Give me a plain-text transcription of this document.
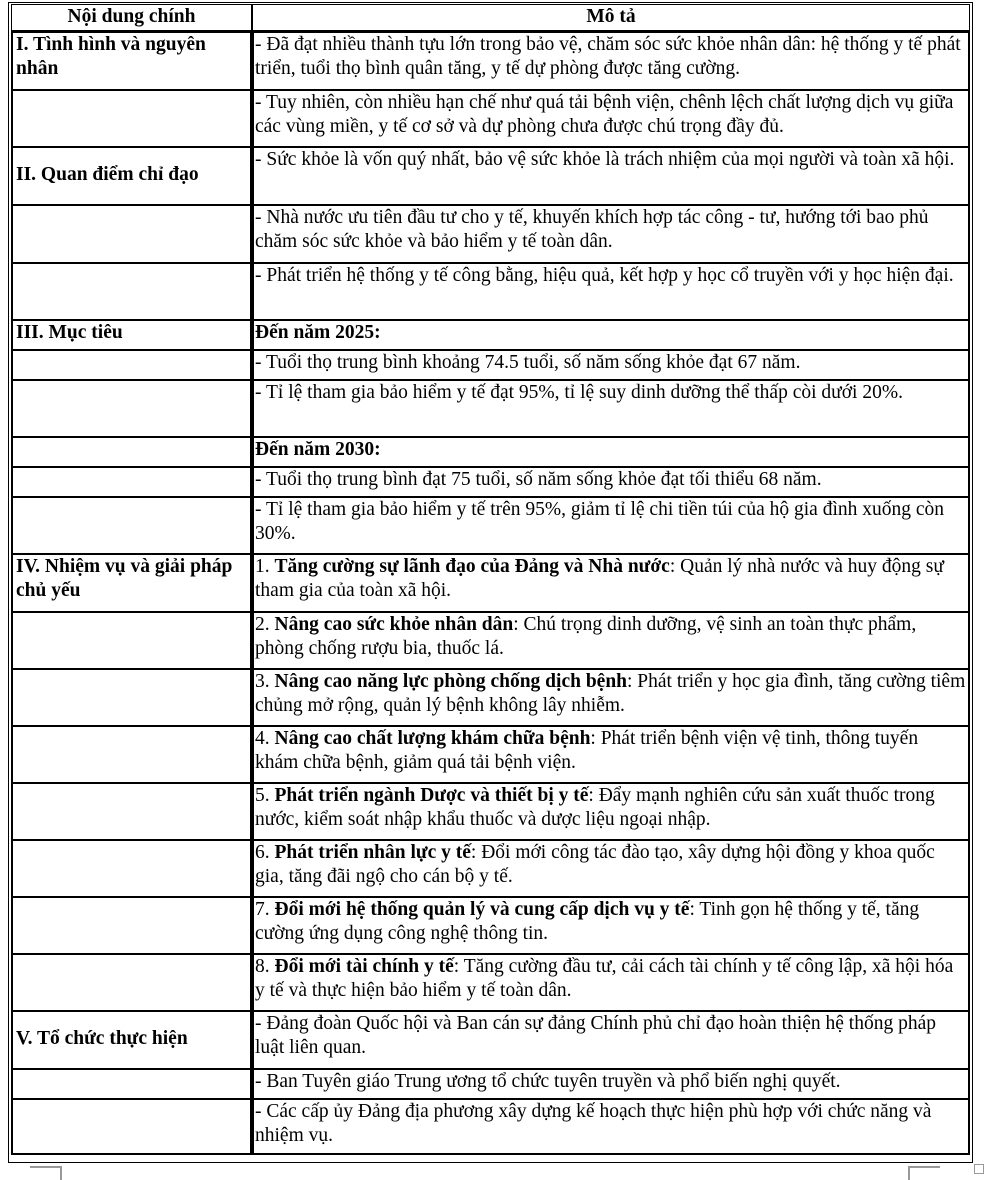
Nội dung chính	Mô tả
I. Tình hình và nguyên nhân	- Đã đạt nhiều thành tựu lớn trong bảo vệ, chăm sóc sức khỏe nhân dân: hệ thống y tế phát triển, tuổi thọ bình quân tăng, y tế dự phòng được tăng cường.
	- Tuy nhiên, còn nhiều hạn chế như quá tải bệnh viện, chênh lệch chất lượng dịch vụ giữa các vùng miền, y tế cơ sở và dự phòng chưa được chú trọng đầy đủ.
II. Quan điểm chỉ đạo	- Sức khỏe là vốn quý nhất, bảo vệ sức khỏe là trách nhiệm của mọi người và toàn xã hội.
	- Nhà nước ưu tiên đầu tư cho y tế, khuyến khích hợp tác công - tư, hướng tới bao phủ chăm sóc sức khỏe và bảo hiểm y tế toàn dân.
	- Phát triển hệ thống y tế công bằng, hiệu quả, kết hợp y học cổ truyền với y học hiện đại.
III. Mục tiêu	Đến năm 2025:
	- Tuổi thọ trung bình khoảng 74.5 tuổi, số năm sống khỏe đạt 67 năm.
	- Tỉ lệ tham gia bảo hiểm y tế đạt 95%, tỉ lệ suy dinh dưỡng thể thấp còi dưới 20%.
	Đến năm 2030:
	- Tuổi thọ trung bình đạt 75 tuổi, số năm sống khỏe đạt tối thiểu 68 năm.
	- Tỉ lệ tham gia bảo hiểm y tế trên 95%, giảm tỉ lệ chi tiền túi của hộ gia đình xuống còn 30%.
IV. Nhiệm vụ và giải pháp chủ yếu	1. Tăng cường sự lãnh đạo của Đảng và Nhà nước: Quản lý nhà nước và huy động sự tham gia của toàn xã hội.
	2. Nâng cao sức khỏe nhân dân: Chú trọng dinh dưỡng, vệ sinh an toàn thực phẩm, phòng chống rượu bia, thuốc lá.
	3. Nâng cao năng lực phòng chống dịch bệnh: Phát triển y học gia đình, tăng cường tiêm chủng mở rộng, quản lý bệnh không lây nhiễm.
	4. Nâng cao chất lượng khám chữa bệnh: Phát triển bệnh viện vệ tinh, thông tuyến khám chữa bệnh, giảm quá tải bệnh viện.
	5. Phát triển ngành Dược và thiết bị y tế: Đẩy mạnh nghiên cứu sản xuất thuốc trong nước, kiểm soát nhập khẩu thuốc và dược liệu ngoại nhập.
	6. Phát triển nhân lực y tế: Đổi mới công tác đào tạo, xây dựng hội đồng y khoa quốc gia, tăng đãi ngộ cho cán bộ y tế.
	7. Đổi mới hệ thống quản lý và cung cấp dịch vụ y tế: Tinh gọn hệ thống y tế, tăng cường ứng dụng công nghệ thông tin.
	8. Đổi mới tài chính y tế: Tăng cường đầu tư, cải cách tài chính y tế công lập, xã hội hóa y tế và thực hiện bảo hiểm y tế toàn dân.
V. Tổ chức thực hiện	- Đảng đoàn Quốc hội và Ban cán sự đảng Chính phủ chỉ đạo hoàn thiện hệ thống pháp luật liên quan.
	- Ban Tuyên giáo Trung ương tổ chức tuyên truyền và phổ biến nghị quyết.
	- Các cấp ủy Đảng địa phương xây dựng kế hoạch thực hiện phù hợp với chức năng và nhiệm vụ.
